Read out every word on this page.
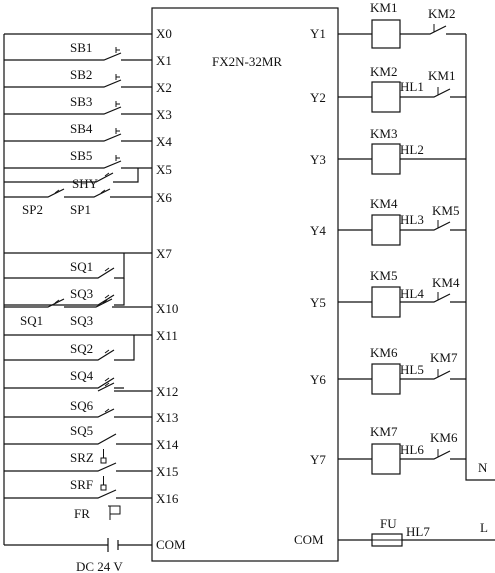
FX2N-32MR
X0
X1
X2
X3
X4
X5
X6
X7
X10
X11
X12
X13
X14
X15
X16
COM
Y1
Y2
Y3
Y4
Y5
Y6
Y7
COM
SB1
SB2
SB3
SB4
SB5
SHY
SP2 SP1
SQ1
SQ3
SQ1 SQ3
SQ2
SQ4
SQ6
SQ5
SRZ
SRF
FR
DC 24 V
N
KM1 KM2
KM2
HL1
KM1
KM3
HL2
KM4
HL3
KM5
KM5
HL4
KM4
KM6
HL5
KM7
KM7
HL6
KM6
FU
HL7	L
